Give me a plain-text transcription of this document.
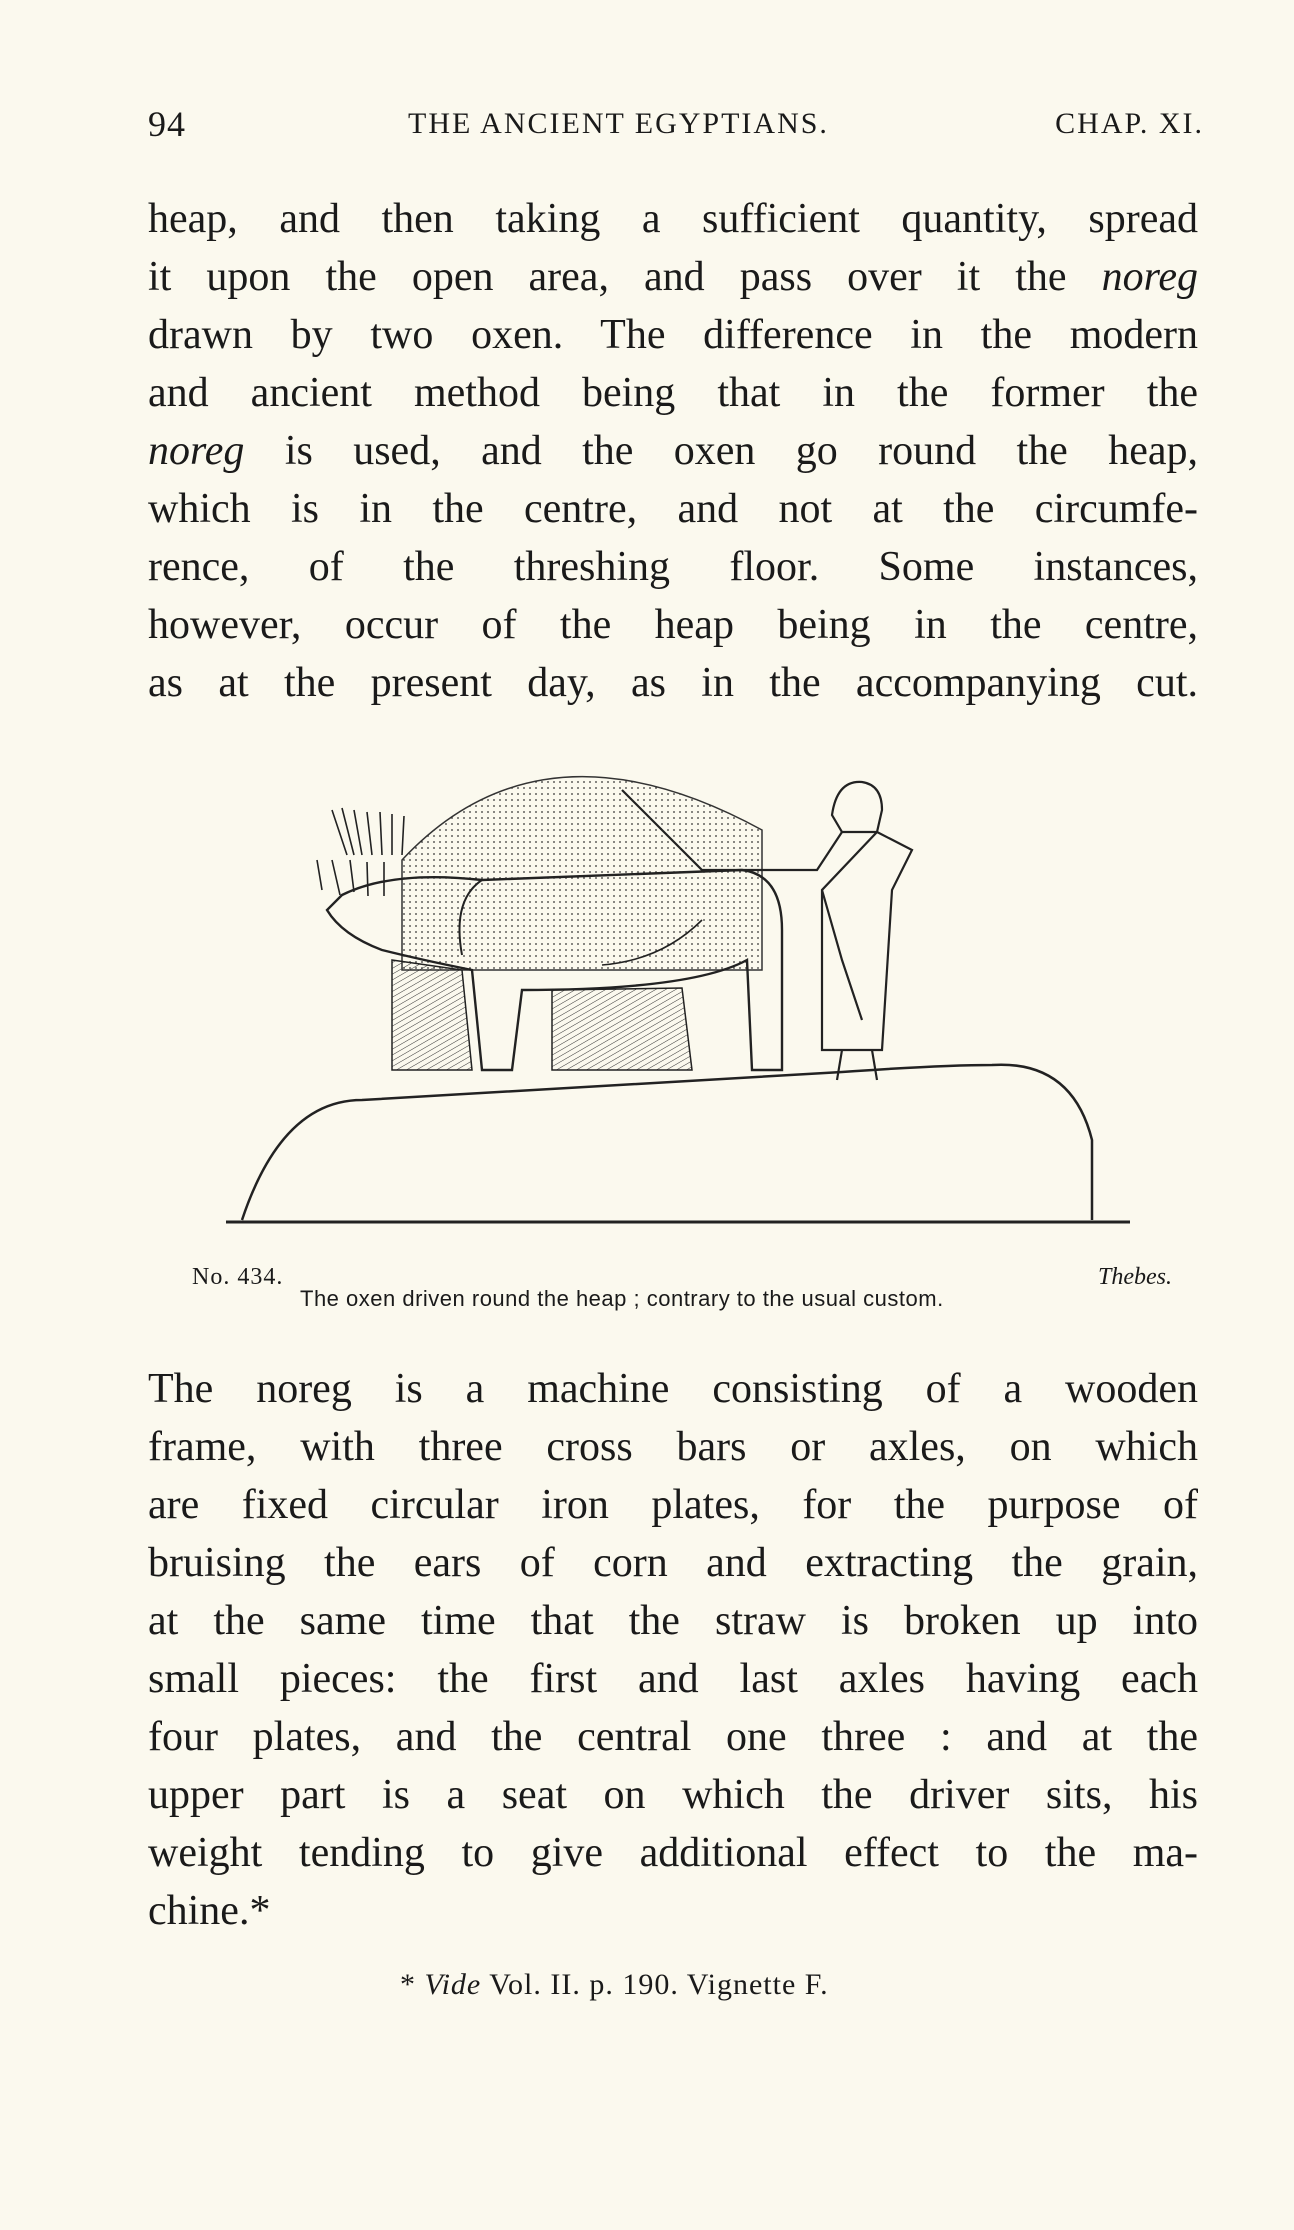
94	THE ANCIENT EGYPTIANS.	CHAP. XI.
heap, and then taking a sufficient quantity, spread
it upon the open area, and pass over it the noreg
drawn by two oxen. The difference in the modern
and ancient method being that in the former the
noreg is used, and the oxen go round the heap,
which is in the centre, and not at the circumfe-
rence, of the threshing floor. Some instances,
however, occur of the heap being in the centre,
as at the present day, as in the accompanying cut.
No. 434.	Thebes.
The oxen driven round the heap ; contrary to the usual custom.
The noreg is a machine consisting of a wooden
frame, with three cross bars or axles, on which
are fixed circular iron plates, for the purpose of
bruising the ears of corn and extracting the grain,
at the same time that the straw is broken up into
small pieces: the first and last axles having each
four plates, and the central one three : and at the
upper part is a seat on which the driver sits, his
weight tending to give additional effect to the ma-
chine.*
* Vide Vol. II. p. 190. Vignette F.
